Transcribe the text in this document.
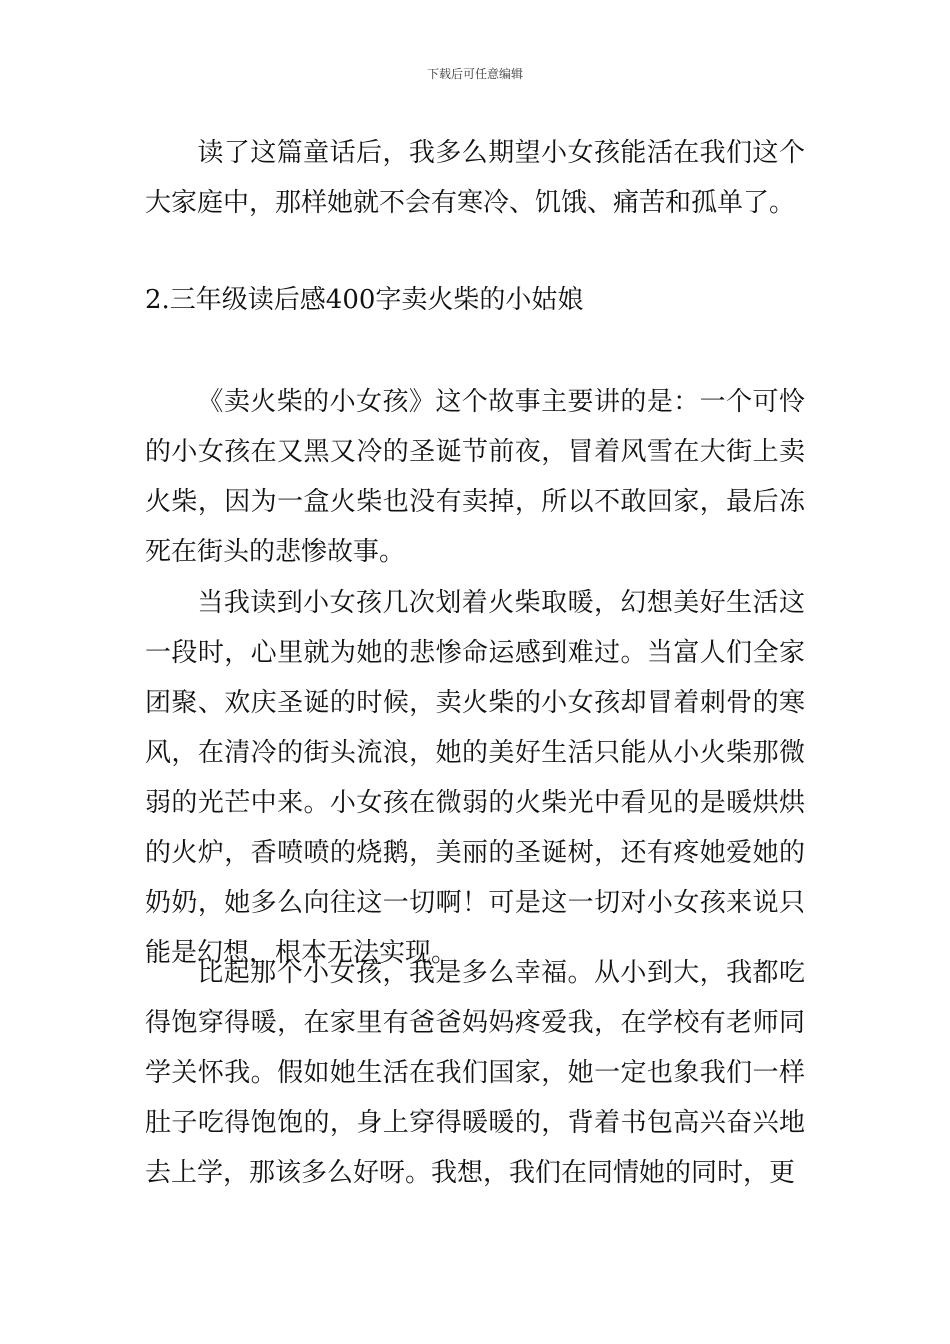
下载后可任意编辑

读了这篇童话后，我多么期望小女孩能活在我们这个大家庭中，那样她就不会有寒冷、饥饿、痛苦和孤单了。

2.三年级读后感400字卖火柴的小姑娘

《卖火柴的小女孩》这个故事主要讲的是：一个可怜的小女孩在又黑又冷的圣诞节前夜，冒着风雪在大街上卖火柴，因为一盒火柴也没有卖掉，所以不敢回家，最后冻死在街头的悲惨故事。

当我读到小女孩几次划着火柴取暖，幻想美好生活这一段时，心里就为她的悲惨命运感到难过。当富人们全家团聚、欢庆圣诞的时候，卖火柴的小女孩却冒着刺骨的寒风，在清冷的街头流浪，她的美好生活只能从小火柴那微弱的光芒中来。小女孩在微弱的火柴光中看见的是暖烘烘的火炉，香喷喷的烧鹅，美丽的圣诞树，还有疼她爱她的奶奶，她多么向往这一切啊！可是这一切对小女孩来说只能是幻想，根本无法实现。

比起那个小女孩，我是多么幸福。从小到大，我都吃得饱穿得暖，在家里有爸爸妈妈疼爱我，在学校有老师同学关怀我。假如她生活在我们国家，她一定也象我们一样肚子吃得饱饱的，身上穿得暖暖的，背着书包高兴奋兴地去上学，那该多么好呀。我想，我们在同情她的同时，更
